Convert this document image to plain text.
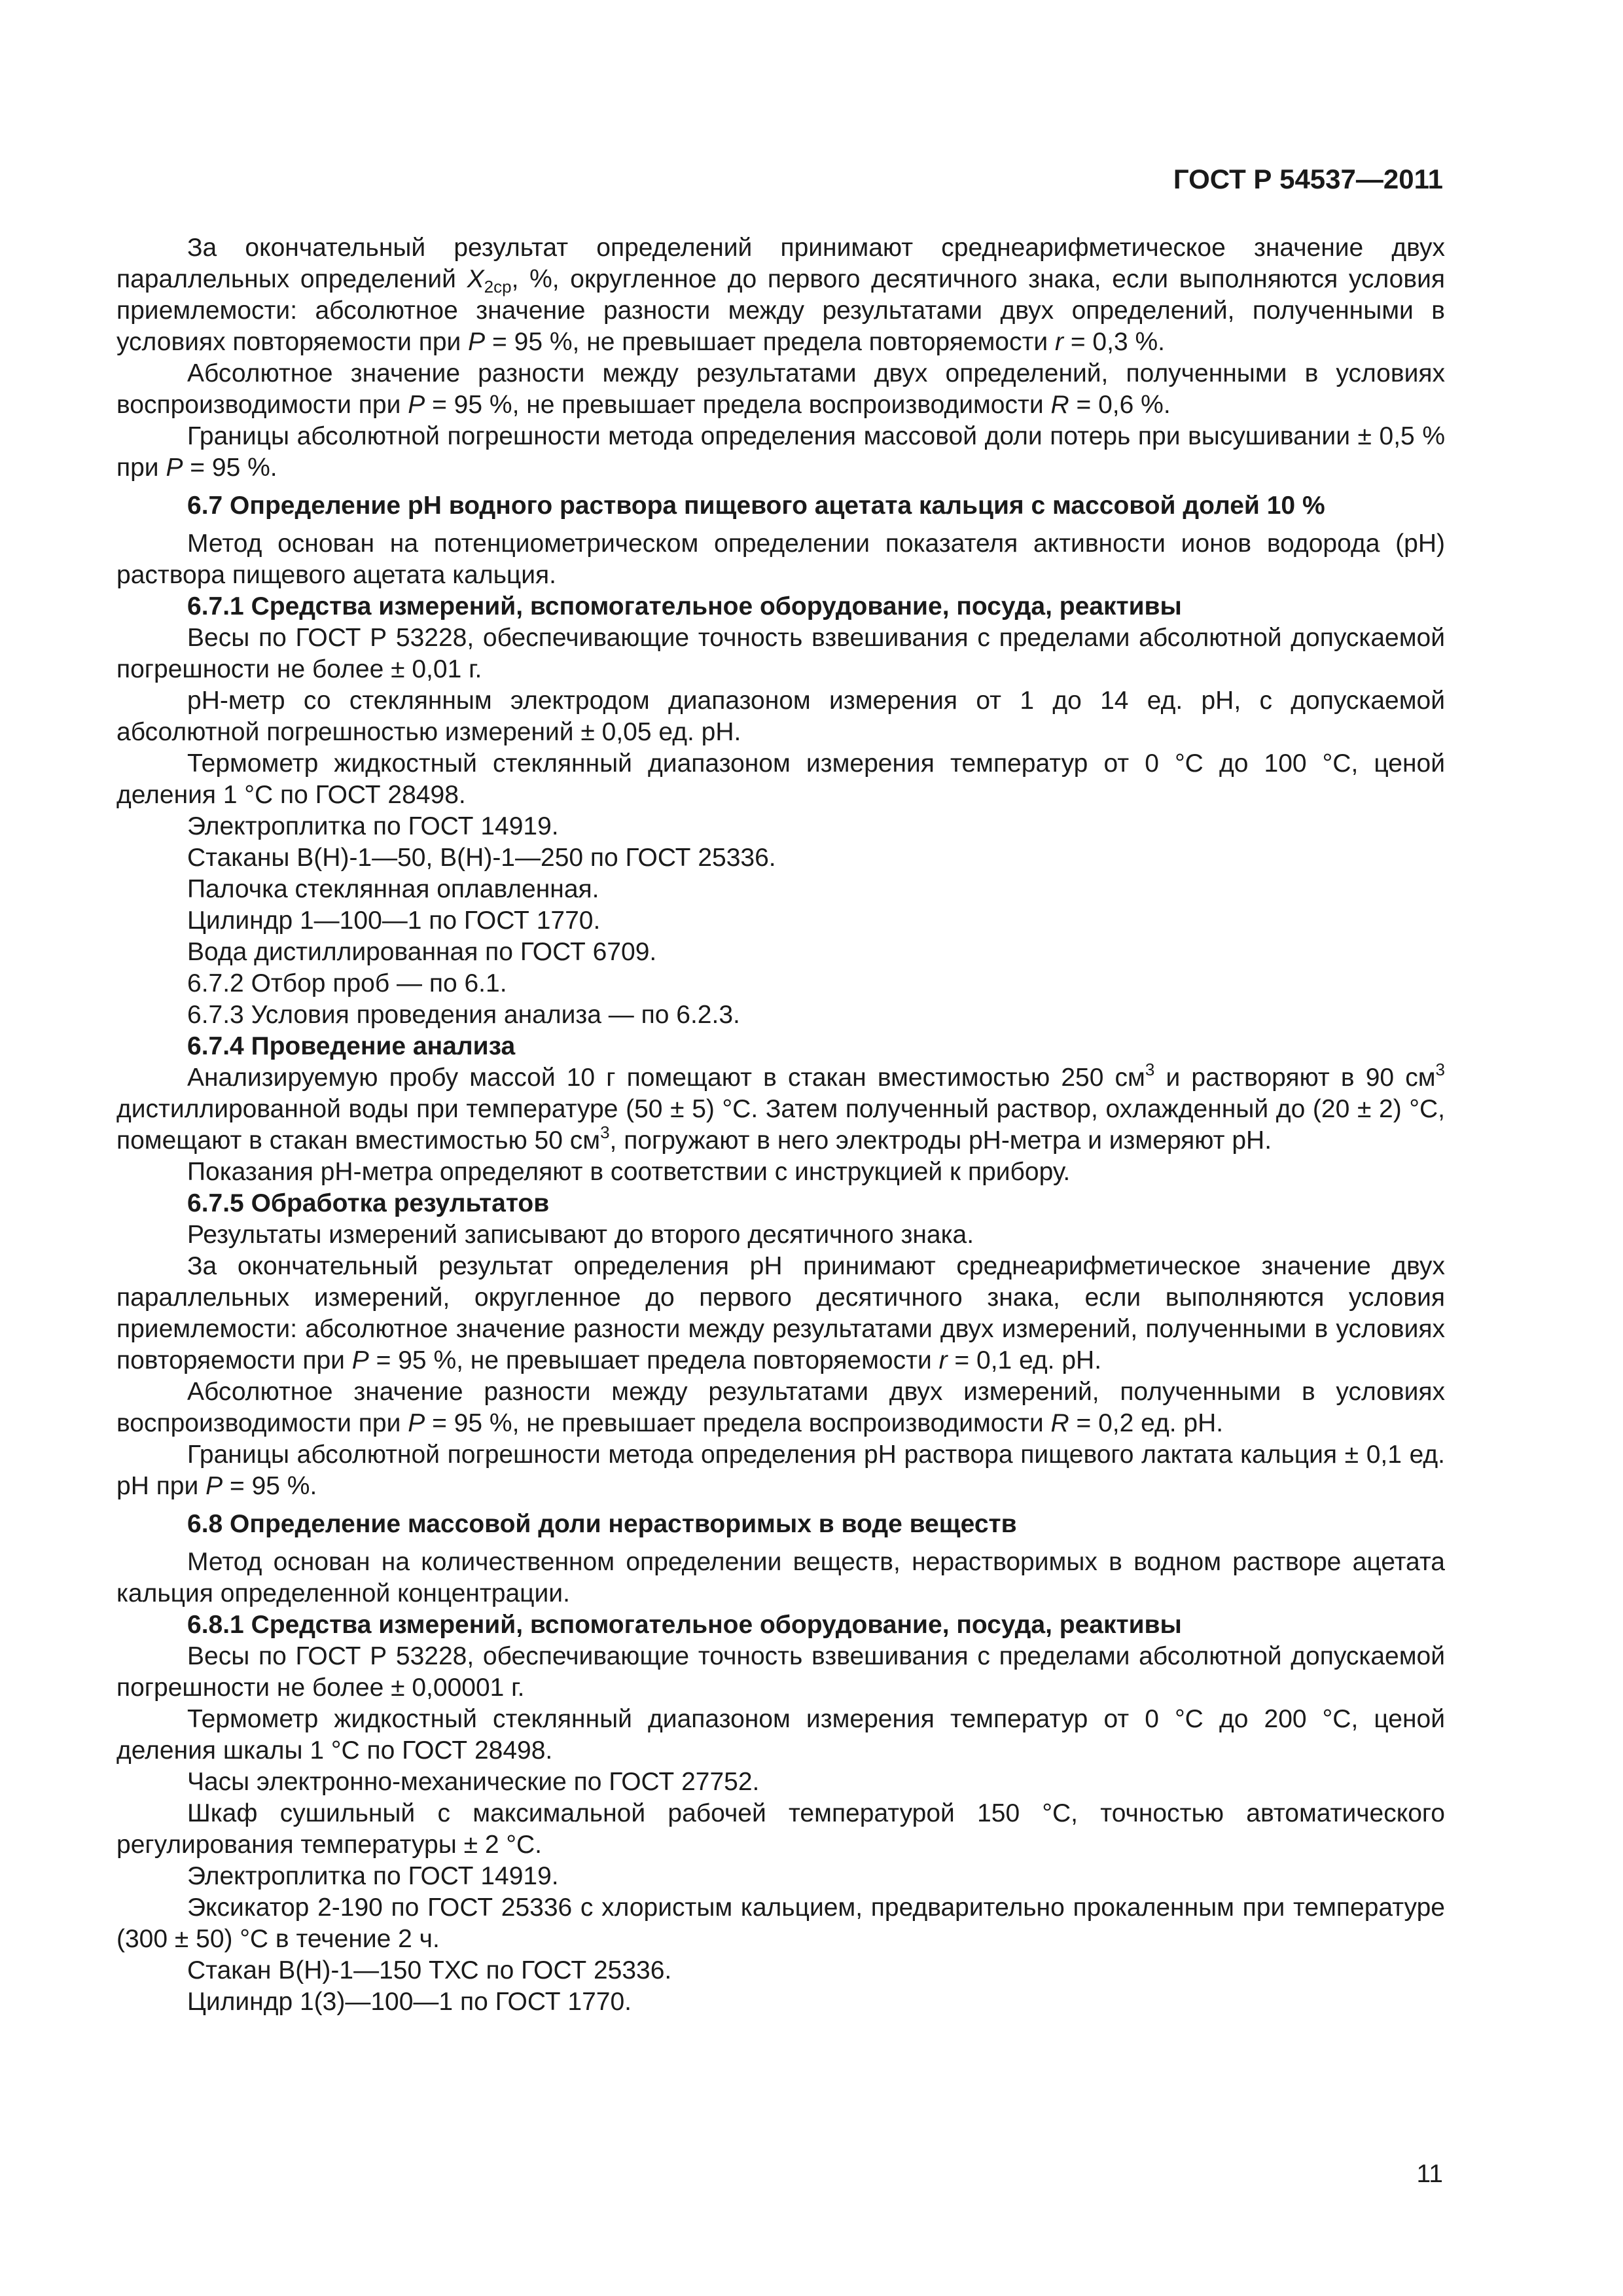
ГОСТ Р 54537—2011

За окончательный результат определений принимают среднеарифметическое значение двух параллельных определений $X_{2ср}$, %, округленное до первого десятичного знака, если выполняются условия приемлемости: абсолютное значение разности между результатами двух определений, полученными в условиях повторяемости при P = 95 %, не превышает предела повторяемости r = 0,3 %.

Абсолютное значение разности между результатами двух определений, полученными в условиях воспроизводимости при P = 95 %, не превышает предела воспроизводимости R = 0,6 %.

Границы абсолютной погрешности метода определения массовой доли потерь при высушивании ± 0,5 % при P = 95 %.

6.7 Определение pH водного раствора пищевого ацетата кальция с массовой долей 10 %

Метод основан на потенциометрическом определении показателя активности ионов водорода (pH) раствора пищевого ацетата кальция.

6.7.1 Средства измерений, вспомогательное оборудование, посуда, реактивы

Весы по ГОСТ Р 53228, обеспечивающие точность взвешивания с пределами абсолютной допускаемой погрешности не более ± 0,01 г.

pH-метр со стеклянным электродом диапазоном измерения от 1 до 14 ед. pH, с допускаемой абсолютной погрешностью измерений ± 0,05 ед. pH.

Термометр жидкостный стеклянный диапазоном измерения температур от 0 °С до 100 °С, ценой деления 1 °С по ГОСТ 28498.

Электроплитка по ГОСТ 14919.

Стаканы В(Н)-1—50, В(Н)-1—250 по ГОСТ 25336.

Палочка стеклянная оплавленная.

Цилиндр 1—100—1 по ГОСТ 1770.

Вода дистиллированная по ГОСТ 6709.

6.7.2 Отбор проб — по 6.1.

6.7.3 Условия проведения анализа — по 6.2.3.

6.7.4 Проведение анализа

Анализируемую пробу массой 10 г помещают в стакан вместимостью 250 $см^3$ и растворяют в 90 $см^3$ дистиллированной воды при температуре (50 ± 5) °С. Затем полученный раствор, охлажденный до (20 ± 2) °С, помещают в стакан вместимостью 50 $см^3$, погружают в него электроды pH-метра и измеряют pH.

Показания pH-метра определяют в соответствии с инструкцией к прибору.

6.7.5 Обработка результатов

Результаты измерений записывают до второго десятичного знака.

За окончательный результат определения pH принимают среднеарифметическое значение двух параллельных измерений, округленное до первого десятичного знака, если выполняются условия приемлемости: абсолютное значение разности между результатами двух измерений, полученными в условиях повторяемости при P = 95 %, не превышает предела повторяемости r = 0,1 ед. pH.

Абсолютное значение разности между результатами двух измерений, полученными в условиях воспроизводимости при P = 95 %, не превышает предела воспроизводимости R = 0,2 ед. pH.

Границы абсолютной погрешности метода определения pH раствора пищевого лактата кальция ± 0,1 ед. pH при P = 95 %.

6.8 Определение массовой доли нерастворимых в воде веществ

Метод основан на количественном определении веществ, нерастворимых в водном растворе ацетата кальция определенной концентрации.

6.8.1 Средства измерений, вспомогательное оборудование, посуда, реактивы

Весы по ГОСТ Р 53228, обеспечивающие точность взвешивания с пределами абсолютной допускаемой погрешности не более ± 0,00001 г.

Термометр жидкостный стеклянный диапазоном измерения температур от 0 °С до 200 °С, ценой деления шкалы 1 °С по ГОСТ 28498.

Часы электронно-механические по ГОСТ 27752.

Шкаф сушильный с максимальной рабочей температурой 150 °С, точностью автоматического регулирования температуры ± 2 °С.

Электроплитка по ГОСТ 14919.

Эксикатор 2-190 по ГОСТ 25336 с хлористым кальцием, предварительно прокаленным при температуре (300 ± 50) °С в течение 2 ч.

Стакан В(Н)-1—150 ТХС по ГОСТ 25336.

Цилиндр 1(3)—100—1 по ГОСТ 1770.

11
